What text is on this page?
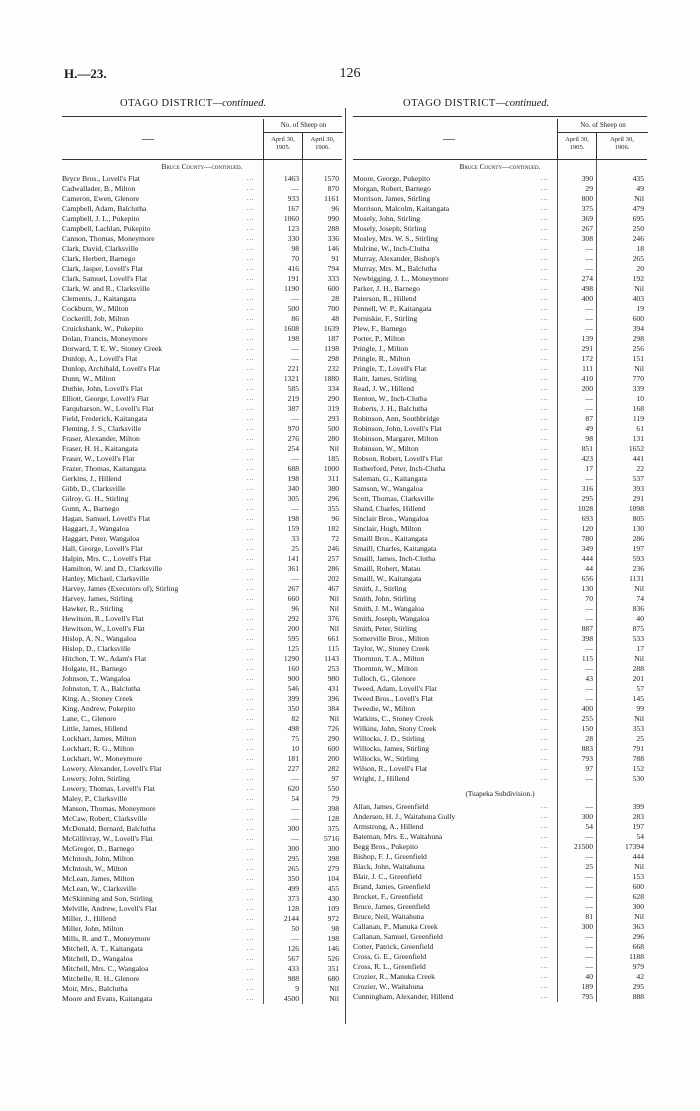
H.—23.	126
OTAGO DISTRICT—continued.	OTAGO DISTRICT—continued.
—
No. of Sheep on
April 30,
1905.
April 30,
1906.
Bruce County—continued.
Bryce Bros., Lovell's Flat	...	1463	1570
Cadwallader, B., Milton	...	—	870
Cameron, Ewen, Glenore	...	933	1161
Campbell, Adam, Balclutha	...	167	96
Campbell, J. L., Pukepito	...	1060	990
Campbell, Lachlan, Pukepito	...	123	288
Cannon, Thomas, Moneymore	...	330	336
Clark, David, Clarksville	...	98	146
Clark, Herbert, Barnego	...	70	91
Clark, Jasper, Lovell's Flat	...	416	794
Clark, Samuel, Lovell's Flat	...	191	333
Clark, W. and R., Clarksville	...	1190	600
Clements, J., Kaitangata	...	—	28
Cockburn, W., Milton	...	500	700
Cockerill, Job, Milton	...	86	48
Cruickshank, W., Pukepito	...	1608	1639
Dolan, Francis, Moneymore	...	198	187
Dorward, T. E. W., Stoney Creek	...	—	1198
Dunlop, A., Lovell's Flat	...	—	298
Dunlop, Archibald, Lovell's Flat	...	221	232
Dunn, W., Milton	...	1321	1880
Duthie, John, Lovell's Flat	...	585	334
Elliott, George, Lovell's Flat	...	219	290
Farquharson, W., Lovell's Flat	...	387	319
Field, Frederick, Kaitangata	...	—	293
Fleming, J. S., Clarksville	...	970	500
Fraser, Alexander, Milton	...	276	280
Fraser, H. H., Kaitangata	...	254	Nil
Fraser, W., Lovell's Flat	...	—	185
Frazer, Thomas, Kaitangata	...	688	1000
Gerkins, J., Hillend	...	198	311
Gibb, D., Clarksville	...	340	380
Gilroy, G. H., Stirling	...	305	296
Gunn, A., Barnego	...	—	355
Hagan, Samuel, Lovell's Flat	...	198	96
Haggart, J., Wangaloa	...	159	182
Haggart, Peter, Wangaloa	...	33	72
Hall, George, Lovell's Flat	...	25	246
Halpin, Mrs. C., Lovell's Flat	...	141	257
Hamilton, W. and D., Clarksville	...	361	286
Hanley, Michael, Clarksville	...	—	202
Harvey, James (Executors of), Stirling	...	267	467
Harvey, James, Stirling	...	660	Nil
Hawker, R., Stirling	...	96	Nil
Hewitson, R., Lovell's Flat	...	292	376
Hewitson, W., Lovell's Flat	...	200	Nil
Hislop, A. N., Wangaloa	...	595	661
Hislop, D., Clarksville	...	125	115
Hitchon, T. W., Adam's Flat	...	1290	1143
Holgate, H., Barnego	...	160	253
Johnson, T., Wangaloa	...	900	980
Johnston, T. A., Balclutha	...	546	431
King, A., Stoney Creek	...	399	396
King, Andrew, Pukepito	...	350	384
Lane, C., Glenore	...	82	Nil
Little, James, Hillend	...	498	726
Lockhart, James, Milton	...	75	290
Lockhart, R. G., Milton	...	10	600
Lockhart, W., Moneymore	...	181	200
Lowery, Alexander, Lovell's Flat	...	227	282
Lowery, John, Stirling	...	—	97
Lowery, Thomas, Lovell's Flat	...	620	550
Maley, P., Clarksville	...	54	79
Manson, Thomas, Moneymore	...	—	398
McCaw, Robert, Clarksville	...	—	128
McDonald, Bernard, Balclutha	...	300	375
McGillivray, W., Lovell's Flat	...	—	5716
McGregor, D., Barnego	...	300	300
McIntosh, John, Milton	...	295	398
McIntosh, W., Milton	...	265	279
McLean, James, Milton	...	350	104
McLean, W., Clarksville	...	499	455
McSkinning and Son, Stirling	...	373	430
Melville, Andrew, Lovell's Flat	...	128	109
Miller, J., Hillend	...	2144	972
Miller, John, Milton	...	50	98
Mills, R. and T., Moneymore	...	—	198
Mitchell, A. T., Kaitangata	...	126	146
Mitchell, D., Wangaloa	...	567	526
Mitchell, Mrs. C., Wangaloa	...	433	351
Mitchelle, R. H., Glenore	...	988	680
Moir, Mrs., Balclutha	...	9	Nil
Moore and Evans, Kaitangata	...	4500	Nil
—
No. of Sheep on
April 30,
1905.
April 30,
1906.
Bruce County—continued.
Moore, George, Pukepito	...	390	435
Morgan, Robert, Barnego	...	29	49
Morrison, James, Stirling	...	800	Nil
Morrison, Malcolm, Kaitangata	...	375	479
Mosely, John, Stirling	...	369	695
Mosely, Joseph, Stirling	...	267	250
Mosley, Mrs. W. S., Stirling	...	308	246
Mulrine, W., Inch-Clutha	...	—	18
Murray, Alexander, Bishop's	...	—	265
Murray, Mrs. M., Balclutha	...	—	20
Newbigging, J. L., Moneymore	...	274	192
Parker, J. H., Barnego	...	498	Nil
Paterson, R., Hillend	...	400	403
Pennell, W. P., Kaitangata	...	—	19
Perniskie, F., Stirling	...	—	600
Plew, F., Barnego	...	—	394
Porter, P., Milton	...	139	298
Pringle, J., Milton	...	291	256
Pringle, R., Milton	...	172	151
Pringle, T., Lovell's Flat	...	111	Nil
Raitt, James, Stirling	...	410	770
Read, J. W., Hillend	...	200	339
Renton, W., Inch-Clutha	...	—	10
Roberts, J. H., Balclutha	...	—	168
Robinson, Ann, Southbridge	...	87	119
Robinson, John, Lovell's Flat	...	49	61
Robinson, Margaret, Milton	...	98	131
Robinson, W., Milton	...	851	1652
Robson, Robert, Lovell's Flat	...	423	441
Rutherford, Peter, Inch-Clutha	...	17	22
Saleman, G., Kaitangata	...	—	537
Samson, W., Wangaloa	...	316	393
Scott, Thomas, Clarksville	...	295	291
Shand, Charles, Hillend	...	1028	1098
Sinclair Bros., Wangaloa	...	693	805
Sinclair, Hugh, Milton	...	120	130
Smaill Bros., Kaitangata	...	780	286
Smaill, Charles, Kaitangata	...	349	197
Smaill, James, Inch-Clutha	...	444	593
Smaill, Robert, Matau	...	44	236
Smaill, W., Kaitangata	...	656	1131
Smith, J., Stirling	...	130	Nil
Smith, John, Stirling	...	70	74
Smith, J. M., Wangaloa	...	—	836
Smith, Joseph, Wangaloa	...	—	40
Smith, Peter, Stirling	...	887	875
Somerville Bros., Milton	...	398	533
Taylor, W., Stoney Creek	...	—	17
Thornton, T. A., Milton	...	115	Nil
Thornton, W., Milton	...	—	288
Tulloch, G., Glenore	...	43	201
Tweed, Adam, Lovell's Flat	...	—	57
Tweed Bros., Lovell's Flat	...	—	145
Tweedie, W., Milton	...	400	99
Watkins, C., Stoney Creek	...	255	Nil
Wilkins, John, Stony Creek	...	150	353
Willocks, J. D., Stirling	...	28	25
Willocks, James, Stirling	...	883	791
Willocks, W., Stirling	...	793	788
Wilson, R., Lovell's Flat	...	97	152
Wright, J., Hillend	...	—	530
(Tuapeka Subdivision.)
Allan, James, Greenfield	...	—	399
Andersen, H. J., Waitahuna Gully	...	300	283
Armstrong, A., Hillend	...	54	197
Bateman, Mrs. E., Waitahuna	...	—	54
Begg Bros., Pukepito	...	21500	17394
Bishop, F. J., Greenfield	...	—	444
Black, John, Waitahuna	...	25	Nil
Blair, J. C., Greenfield	...	—	153
Brand, James, Greenfield	...	—	600
Brocket, F., Greenfield	...	—	628
Bruce, James, Greenfield	...	—	300
Bruce, Neil, Waitahuna	...	81	Nil
Callanan, P., Manuka Creek	...	300	363
Callanan, Samuel, Greenfield	...	—	296
Cotter, Patrick, Greenfield	...	—	668
Cross, G. E., Greenfield	...	—	1188
Cross, R. L., Greenfield	...	—	979
Crozier, R., Manuka Creek	...	40	42
Crozier, W., Waitahuna	...	189	295
Cunningham, Alexander, Hillend	...	795	888
